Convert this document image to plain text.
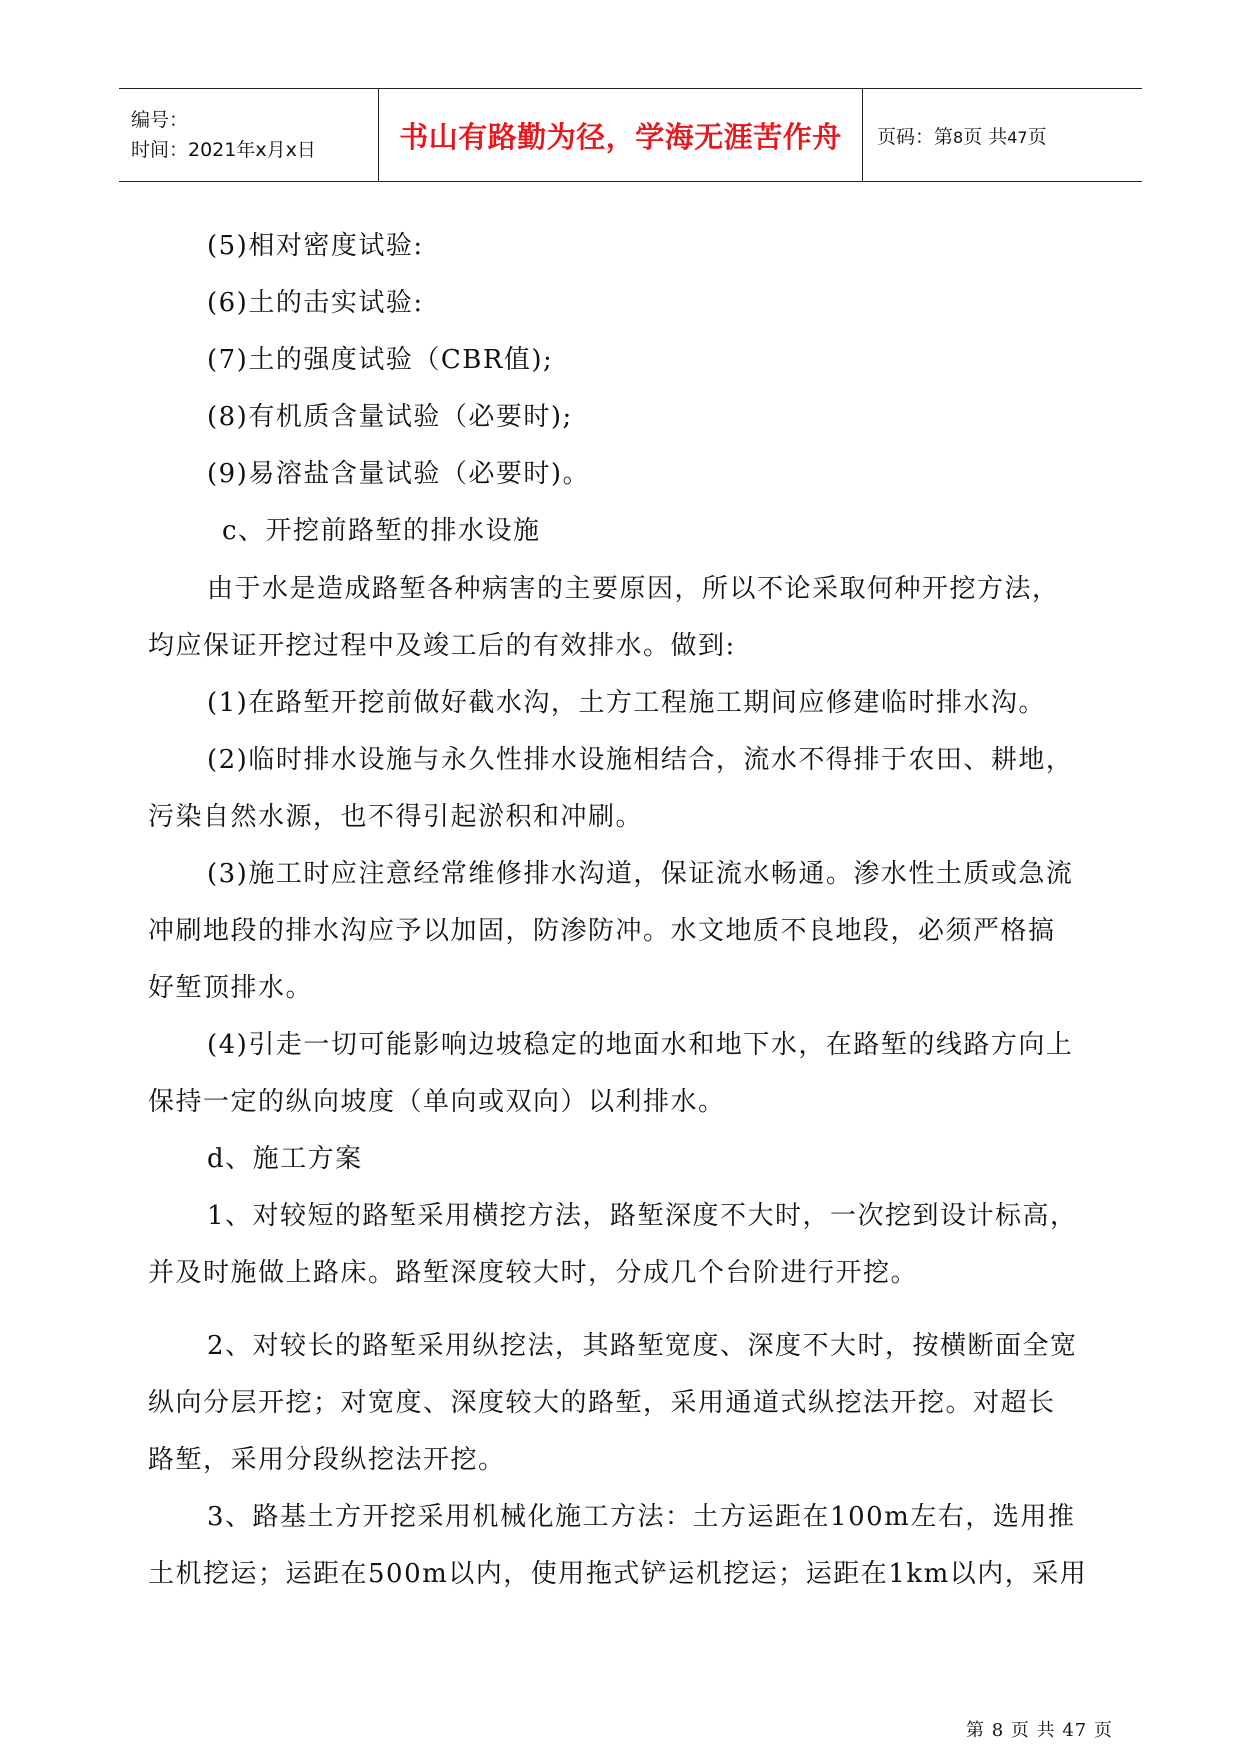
编号：
时间：2021年x月x日	书山有路勤为径，学海无涯苦作舟 页码：第8页 共47页
(5)相对密度试验:
(6)土的击实试验:
(7)土的强度试验（CBR值);
(8)有机质含量试验（必要时);
(9)易溶盐含量试验（必要时)。
c、开挖前路堑的排水设施
由于水是造成路堑各种病害的主要原因，所以不论采取何种开挖方法，
均应保证开挖过程中及竣工后的有效排水。做到:
(1)在路堑开挖前做好截水沟，土方工程施工期间应修建临时排水沟。
(2)临时排水设施与永久性排水设施相结合，流水不得排于农田、耕地，
污染自然水源，也不得引起淤积和冲刷。
(3)施工时应注意经常维修排水沟道，保证流水畅通。渗水性土质或急流
冲刷地段的排水沟应予以加固，防渗防冲。水文地质不良地段，必须严格搞
好堑顶排水。
(4)引走一切可能影响边坡稳定的地面水和地下水，在路堑的线路方向上
保持一定的纵向坡度（单向或双向）以利排水。
d、施工方案
1、对较短的路堑采用横挖方法，路堑深度不大时，一次挖到设计标高，
并及时施做上路床。路堑深度较大时，分成几个台阶进行开挖。
2、对较长的路堑采用纵挖法，其路堑宽度、深度不大时，按横断面全宽
纵向分层开挖；对宽度、深度较大的路堑，采用通道式纵挖法开挖。对超长
路堑，采用分段纵挖法开挖。
3、路基土方开挖采用机械化施工方法：土方运距在100m左右，选用推
土机挖运；运距在500m以内，使用拖式铲运机挖运；运距在1km以内，采用
第 8 页 共 47 页
